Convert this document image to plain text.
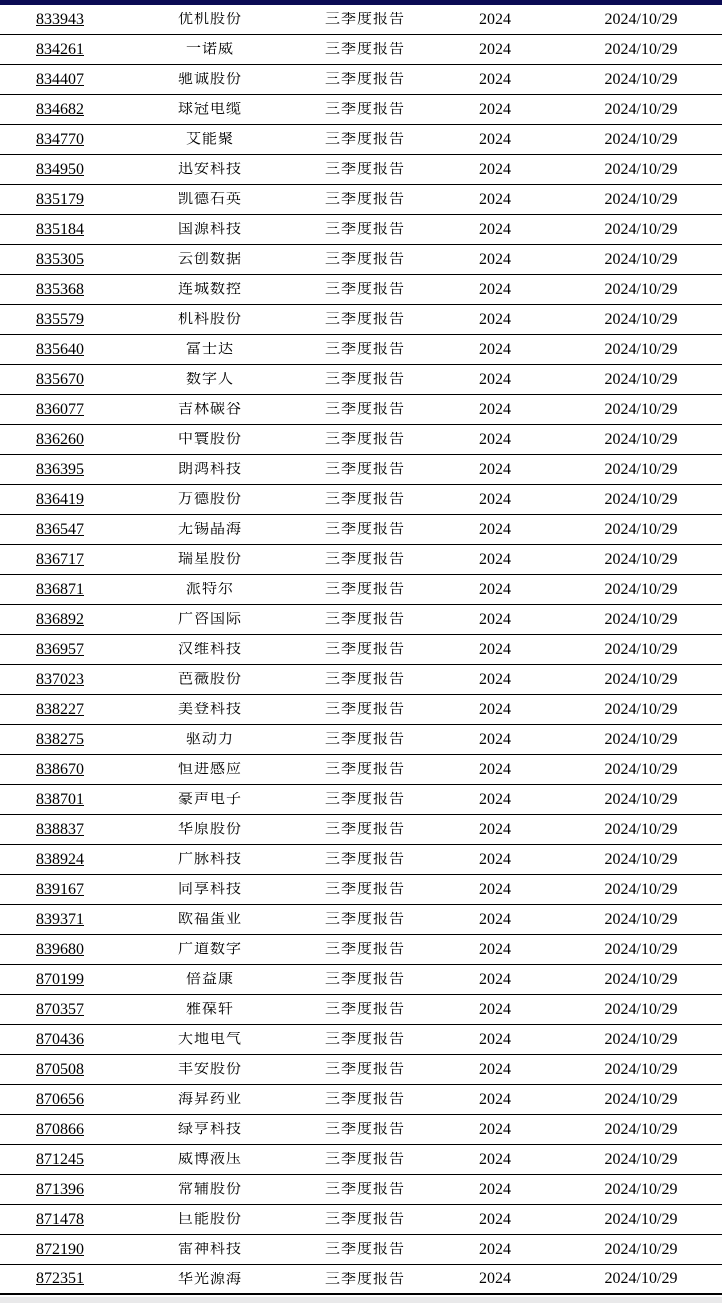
833943	优机股份	三季度报告	2024	2024/10/29
834261	一诺威	三季度报告	2024	2024/10/29
834407	驰诚股份	三季度报告	2024	2024/10/29
834682	球冠电缆	三季度报告	2024	2024/10/29
834770	艾能聚	三季度报告	2024	2024/10/29
834950	迅安科技	三季度报告	2024	2024/10/29
835179	凯德石英	三季度报告	2024	2024/10/29
835184	国源科技	三季度报告	2024	2024/10/29
835305	云创数据	三季度报告	2024	2024/10/29
835368	连城数控	三季度报告	2024	2024/10/29
835579	机科股份	三季度报告	2024	2024/10/29
835640	富士达	三季度报告	2024	2024/10/29
835670	数字人	三季度报告	2024	2024/10/29
836077	吉林碳谷	三季度报告	2024	2024/10/29
836260	中寰股份	三季度报告	2024	2024/10/29
836395	朗鸿科技	三季度报告	2024	2024/10/29
836419	万德股份	三季度报告	2024	2024/10/29
836547	无锡晶海	三季度报告	2024	2024/10/29
836717	瑞星股份	三季度报告	2024	2024/10/29
836871	派特尔	三季度报告	2024	2024/10/29
836892	广咨国际	三季度报告	2024	2024/10/29
836957	汉维科技	三季度报告	2024	2024/10/29
837023	芭薇股份	三季度报告	2024	2024/10/29
838227	美登科技	三季度报告	2024	2024/10/29
838275	驱动力	三季度报告	2024	2024/10/29
838670	恒进感应	三季度报告	2024	2024/10/29
838701	豪声电子	三季度报告	2024	2024/10/29
838837	华原股份	三季度报告	2024	2024/10/29
838924	广脉科技	三季度报告	2024	2024/10/29
839167	同享科技	三季度报告	2024	2024/10/29
839371	欧福蛋业	三季度报告	2024	2024/10/29
839680	广道数字	三季度报告	2024	2024/10/29
870199	倍益康	三季度报告	2024	2024/10/29
870357	雅葆轩	三季度报告	2024	2024/10/29
870436	大地电气	三季度报告	2024	2024/10/29
870508	丰安股份	三季度报告	2024	2024/10/29
870656	海昇药业	三季度报告	2024	2024/10/29
870866	绿亨科技	三季度报告	2024	2024/10/29
871245	威博液压	三季度报告	2024	2024/10/29
871396	常辅股份	三季度报告	2024	2024/10/29
871478	巨能股份	三季度报告	2024	2024/10/29
872190	雷神科技	三季度报告	2024	2024/10/29
872351	华光源海	三季度报告	2024	2024/10/29
